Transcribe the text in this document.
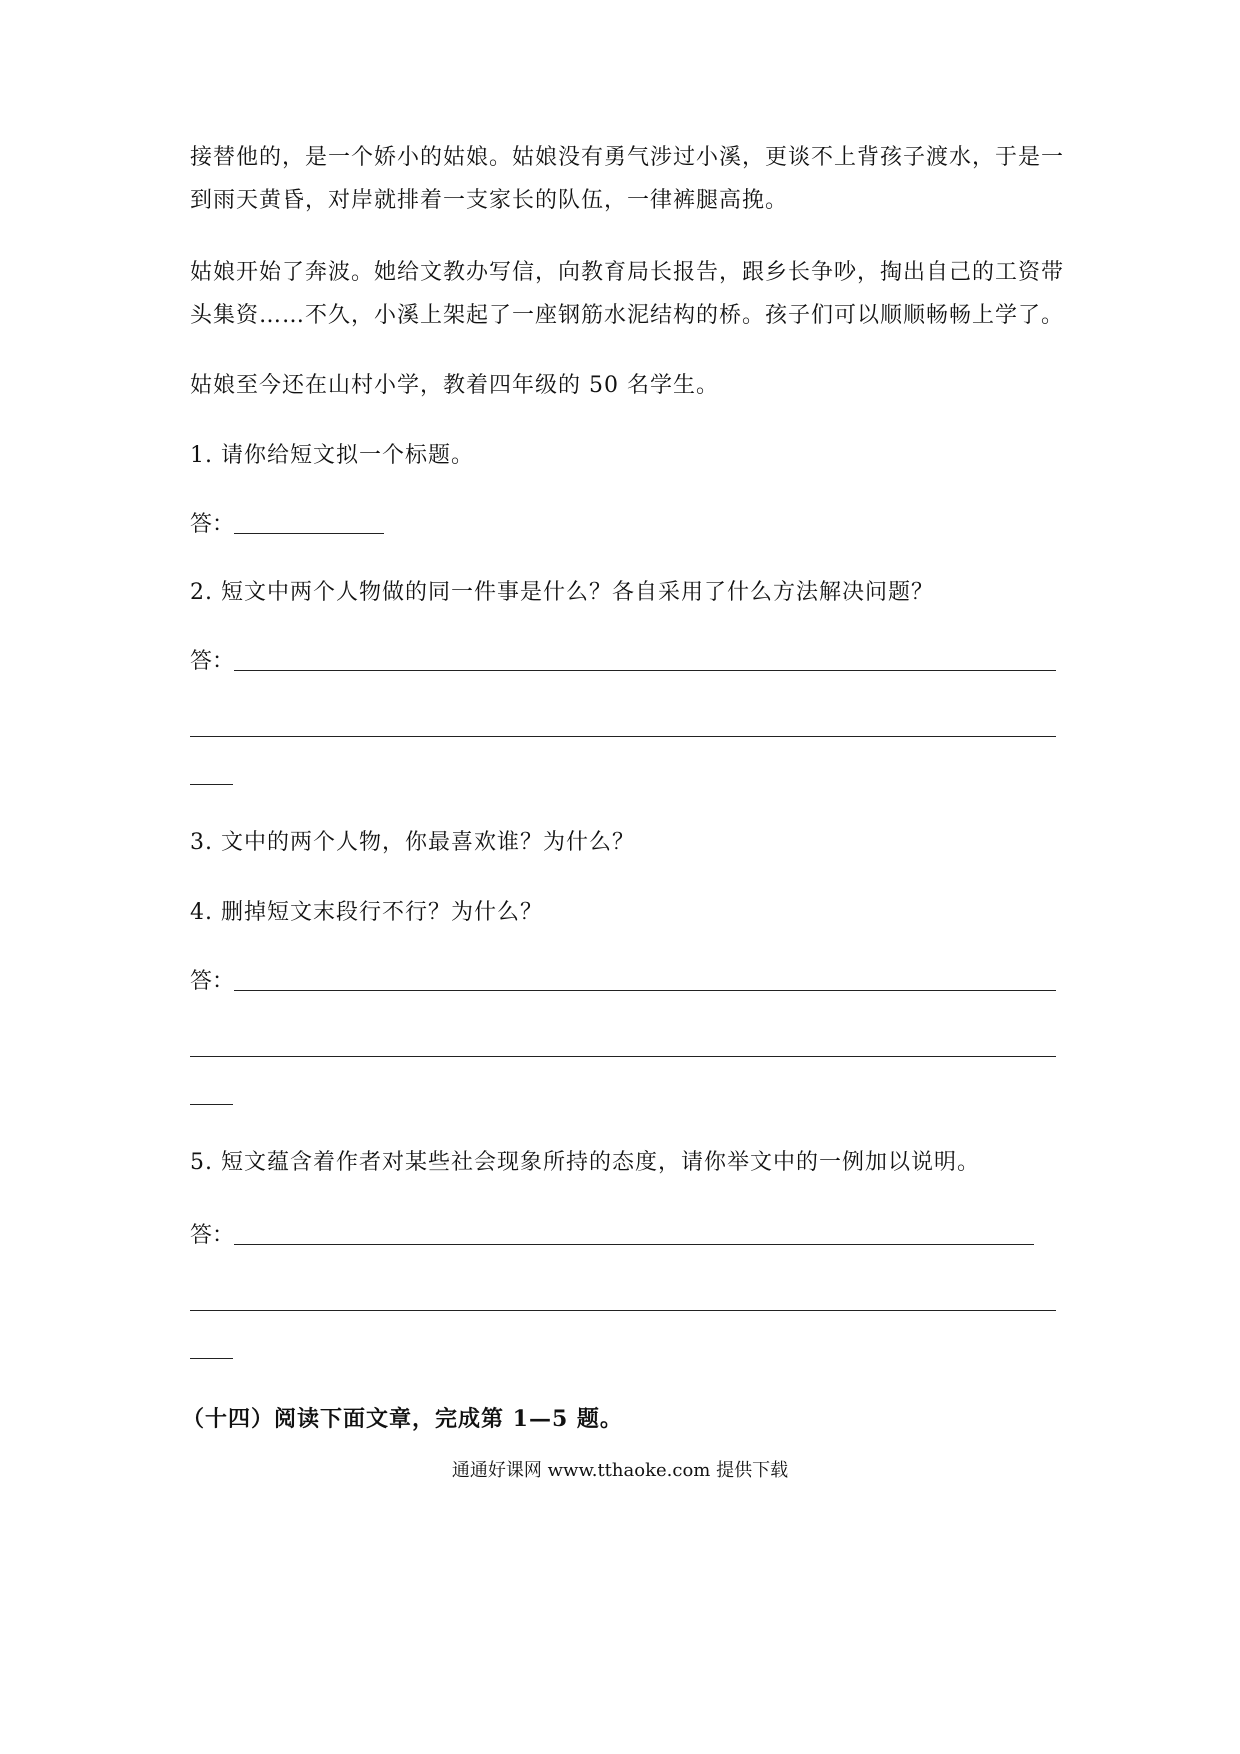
接替他的，是一个娇小的姑娘。姑娘没有勇气涉过小溪，更谈不上背孩子渡水，于是一
到雨天黄昏，对岸就排着一支家长的队伍，一律裤腿高挽。
姑娘开始了奔波。她给文教办写信，向教育局长报告，跟乡长争吵，掏出自己的工资带
头集资……不久，小溪上架起了一座钢筋水泥结构的桥。孩子们可以顺顺畅畅上学了。
姑娘至今还在山村小学，教着四年级的 50 名学生。
1. 请你给短文拟一个标题。
答：
2. 短文中两个人物做的同一件事是什么？各自采用了什么方法解决问题？
答：
3. 文中的两个人物，你最喜欢谁？为什么？
4. 删掉短文末段行不行？为什么？
答：
5. 短文蕴含着作者对某些社会现象所持的态度，请你举文中的一例加以说明。
答：
（十四）阅读下面文章，完成第 1—5 题。
通通好课网 www.tthaoke.com 提供下载
